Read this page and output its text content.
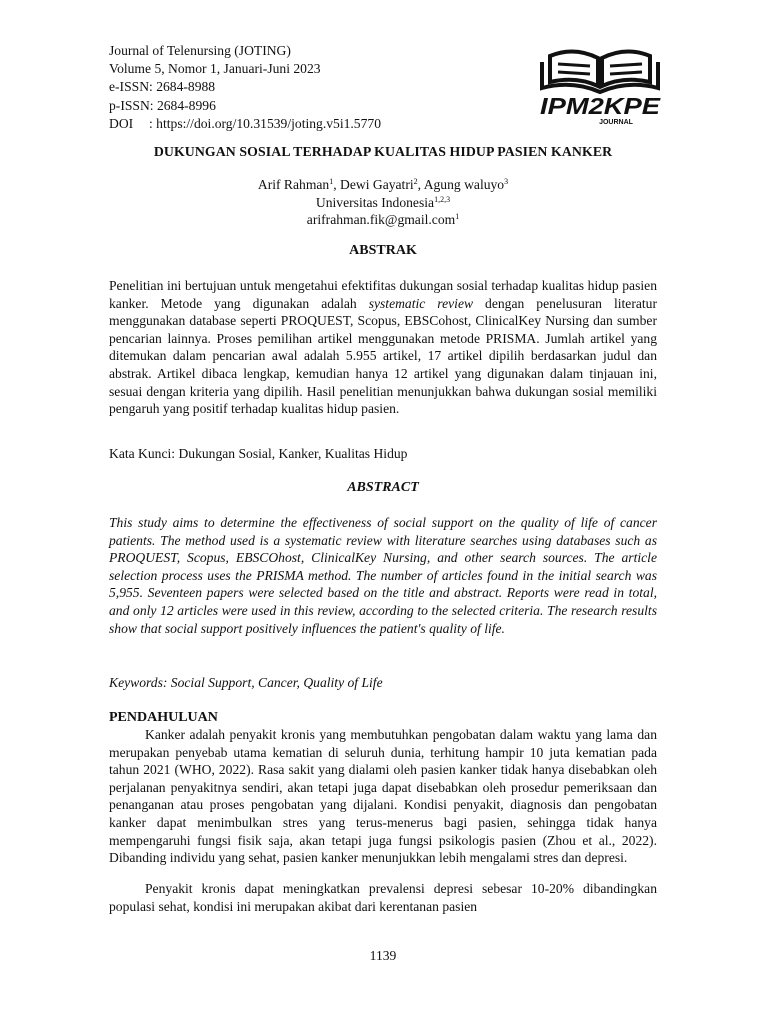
Journal of Telenursing (JOTING)
Volume 5, Nomor 1, Januari-Juni 2023
e-ISSN: 2684-8988
p-ISSN: 2684-8996
DOI : https://doi.org/10.31539/joting.v5i1.5770
IPM2KPE
JOURNAL
DUKUNGAN SOSIAL TERHADAP KUALITAS HIDUP PASIEN KANKER
Arif Rahman$^1$, Dewi Gayatri$^2$, Agung waluyo$^3$
Universitas Indonesia$^{1,2,3}$
arifrahman.fik@gmail.com$^1$
ABSTRAK
Penelitian ini bertujuan untuk mengetahui efektifitas dukungan sosial terhadap kualitas hidup pasien kanker. Metode yang digunakan adalah systematic review dengan penelusuran literatur menggunakan database seperti PROQUEST, Scopus, EBSCohost, ClinicalKey Nursing dan sumber pencarian lainnya. Proses pemilihan artikel menggunakan metode PRISMA. Jumlah artikel yang ditemukan dalam pencarian awal adalah 5.955 artikel, 17 artikel dipilih berdasarkan judul dan abstrak. Artikel dibaca lengkap, kemudian hanya 12 artikel yang digunakan dalam tinjauan ini, sesuai dengan kriteria yang dipilih. Hasil penelitian menunjukkan bahwa dukungan sosial memiliki pengaruh yang positif terhadap kualitas hidup pasien.
Kata Kunci: Dukungan Sosial, Kanker, Kualitas Hidup
ABSTRACT
This study aims to determine the effectiveness of social support on the quality of life of cancer patients. The method used is a systematic review with literature searches using databases such as PROQUEST, Scopus, EBSCOhost, ClinicalKey Nursing, and other search sources. The article selection process uses the PRISMA method. The number of articles found in the initial search was 5,955. Seventeen papers were selected based on the title and abstract. Reports were read in total, and only 12 articles were used in this review, according to the selected criteria. The research results show that social support positively influences the patient's quality of life.
Keywords: Social Support, Cancer, Quality of Life
PENDAHULUAN
Kanker adalah penyakit kronis yang membutuhkan pengobatan dalam waktu yang lama dan merupakan penyebab utama kematian di seluruh dunia, terhitung hampir 10 juta kematian pada tahun 2021 (WHO, 2022). Rasa sakit yang dialami oleh pasien kanker tidak hanya disebabkan oleh perjalanan penyakitnya sendiri, akan tetapi juga dapat disebabkan oleh prosedur pemeriksaan dan penanganan atau proses pengobatan yang dijalani. Kondisi penyakit, diagnosis dan pengobatan kanker dapat menimbulkan stres yang terus-menerus bagi pasien, sehingga tidak hanya mempengaruhi fungsi fisik saja, akan tetapi juga fungsi psikologis pasien (Zhou et al., 2022). Dibanding individu yang sehat, pasien kanker menunjukkan lebih mengalami stres dan depresi.
Penyakit kronis dapat meningkatkan prevalensi depresi sebesar 10-20% dibandingkan populasi sehat, kondisi ini merupakan akibat dari kerentanan pasien
1139
